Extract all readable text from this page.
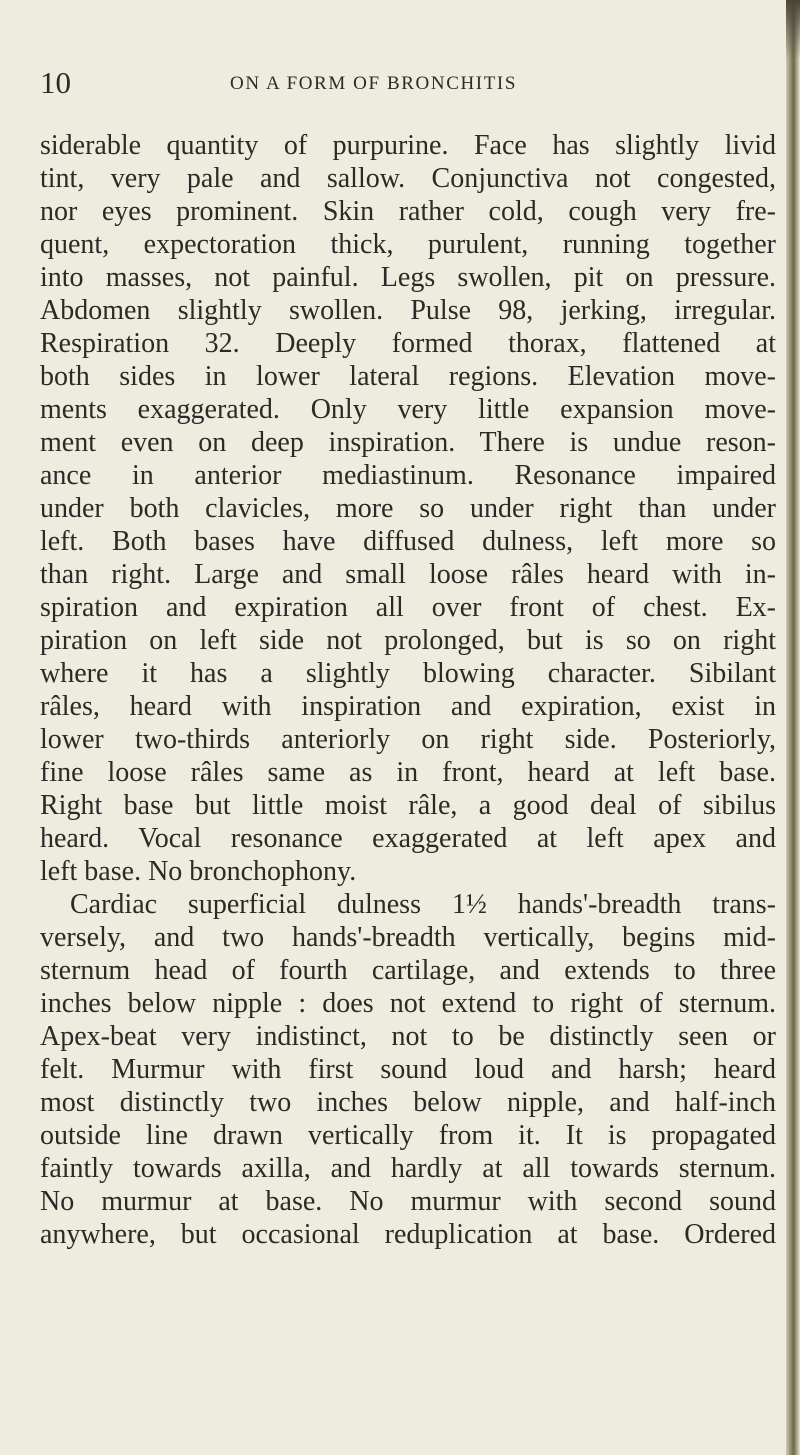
10	ON A FORM OF BRONCHITIS
siderable quantity of purpurine. Face has slightly livid
tint, very pale and sallow. Conjunctiva not congested,
nor eyes prominent. Skin rather cold, cough very fre-
quent, expectoration thick, purulent, running together
into masses, not painful. Legs swollen, pit on pressure.
Abdomen slightly swollen. Pulse 98, jerking, irregular.
Respiration 32. Deeply formed thorax, flattened at
both sides in lower lateral regions. Elevation move-
ments exaggerated. Only very little expansion move-
ment even on deep inspiration. There is undue reson-
ance in anterior mediastinum. Resonance impaired
under both clavicles, more so under right than under
left. Both bases have diffused dulness, left more so
than right. Large and small loose râles heard with in-
spiration and expiration all over front of chest. Ex-
piration on left side not prolonged, but is so on right
where it has a slightly blowing character. Sibilant
râles, heard with inspiration and expiration, exist in
lower two-thirds anteriorly on right side. Posteriorly,
fine loose râles same as in front, heard at left base.
Right base but little moist râle, a good deal of sibilus
heard. Vocal resonance exaggerated at left apex and
left base. No bronchophony.
Cardiac superficial dulness 1½ hands'-breadth trans-
versely, and two hands'-breadth vertically, begins mid-
sternum head of fourth cartilage, and extends to three
inches below nipple : does not extend to right of sternum.
Apex-beat very indistinct, not to be distinctly seen or
felt. Murmur with first sound loud and harsh; heard
most distinctly two inches below nipple, and half-inch
outside line drawn vertically from it. It is propagated
faintly towards axilla, and hardly at all towards sternum.
No murmur at base. No murmur with second sound
anywhere, but occasional reduplication at base. Ordered
